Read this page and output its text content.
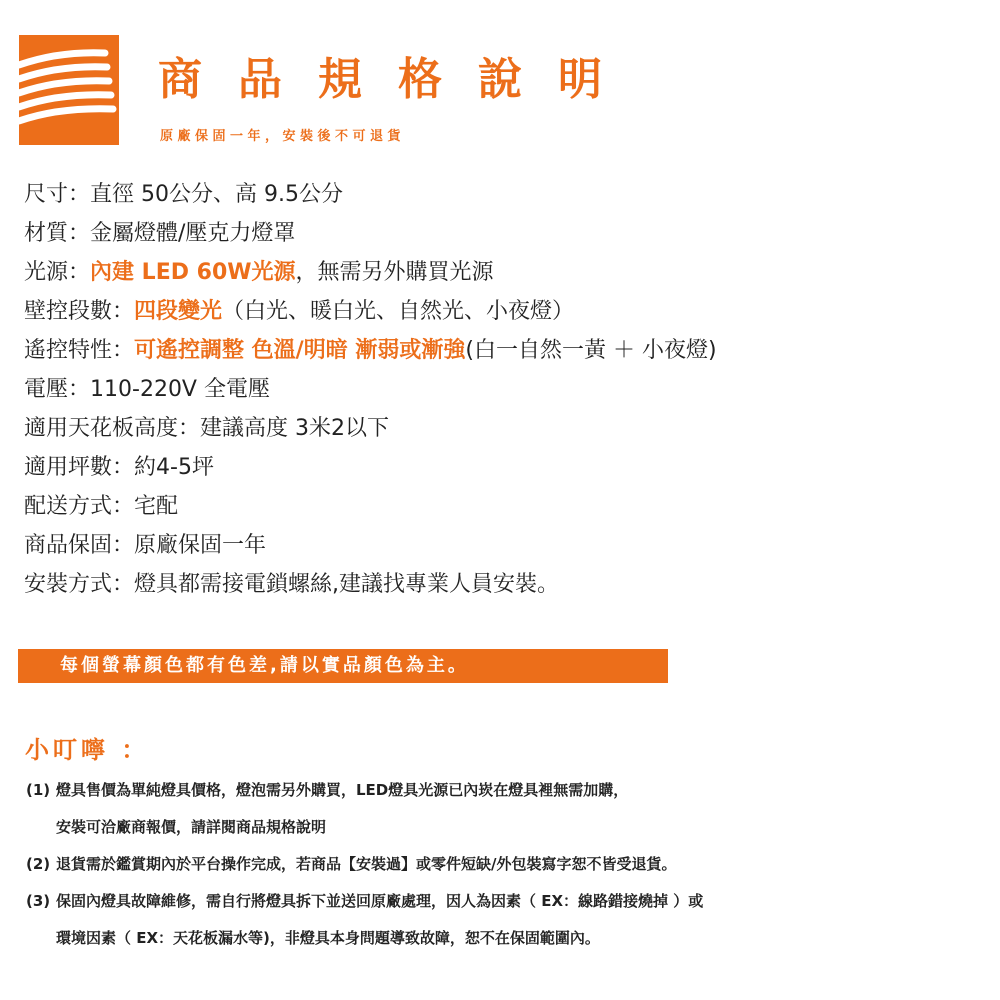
商品規格說明
原廠保固一年，安裝後不可退貨
尺寸：直徑 50公分、高 9.5公分
材質：金屬燈體/壓克力燈罩
光源：內建 LED 60W光源，無需另外購買光源
壁控段數：四段變光（白光、暖白光、自然光、小夜燈）
遙控特性：可遙控調整 色溫/明暗 漸弱或漸強(白一自然一黃 ＋ 小夜燈)
電壓：110-220V 全電壓
適用天花板高度：建議高度 3米2以下
適用坪數：約4-5坪
配送方式：宅配
商品保固：原廠保固一年
安裝方式：燈具都需接電鎖螺絲,建議找專業人員安裝。
每個螢幕顏色都有色差,請以實品顏色為主。
小叮嚀 ：
(1) 燈具售價為單純燈具價格，燈泡需另外購買，LED燈具光源已內崁在燈具裡無需加購，
安裝可洽廠商報價，請詳閱商品規格說明
(2) 退貨需於鑑賞期內於平台操作完成，若商品【安裝過】或零件短缺/外包裝寫字恕不皆受退貨。
(3) 保固內燈具故障維修，需自行將燈具拆下並送回原廠處理，因人為因素（ EX：線路錯接燒掉 ）或
環境因素（ EX：天花板漏水等)，非燈具本身問題導致故障，恕不在保固範圍內。
